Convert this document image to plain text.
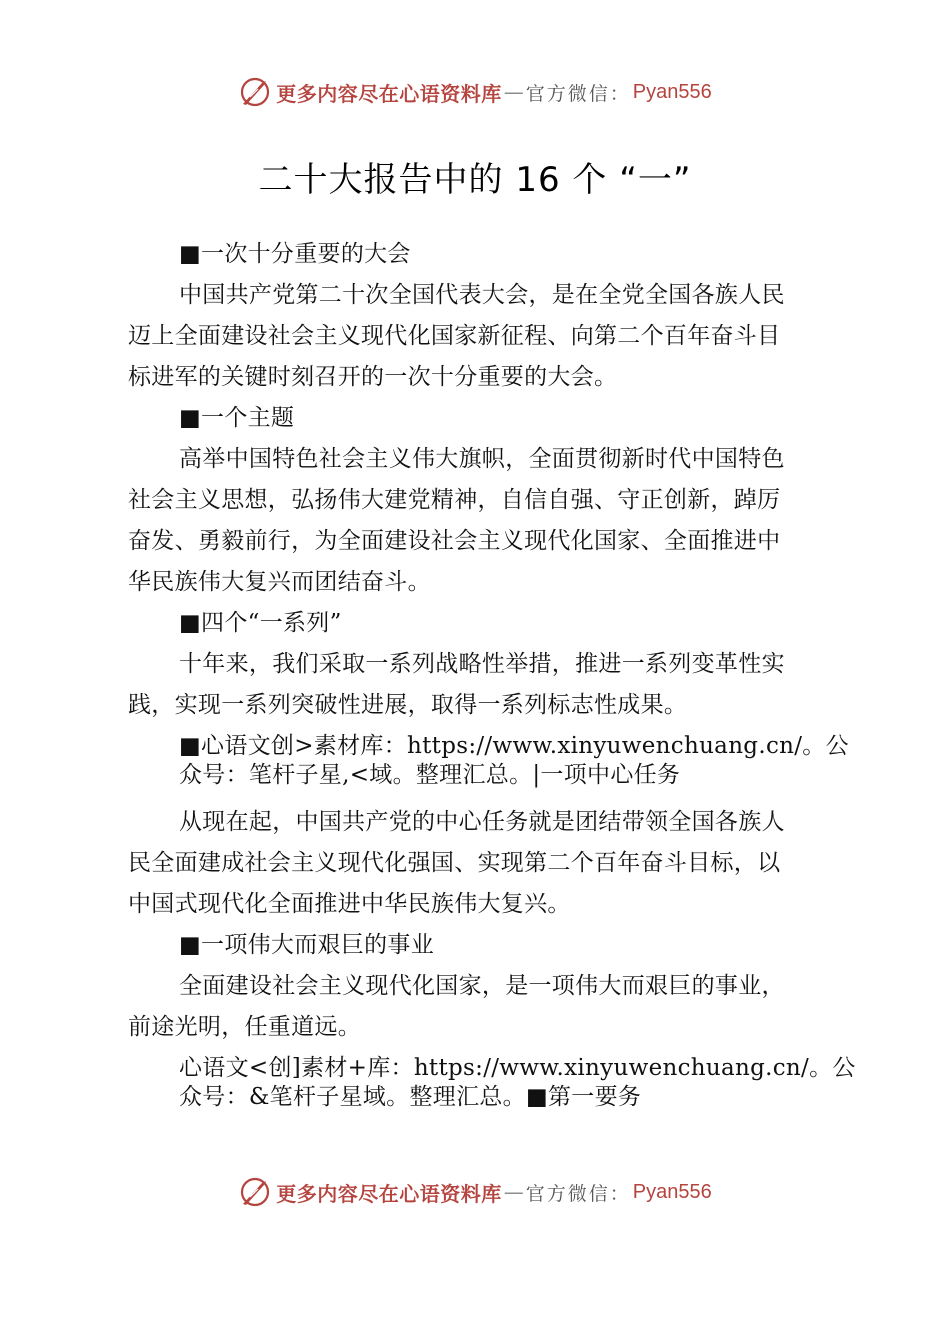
更多内容尽在心语资料库 — 官方微信： Pyan556
二十大报告中的 16 个 “一”
■一次十分重要的大会
中国共产党第二十次全国代表大会，是在全党全国各族人民
迈上全面建设社会主义现代化国家新征程、向第二个百年奋斗目
标进军的关键时刻召开的一次十分重要的大会。
■一个主题
高举中国特色社会主义伟大旗帜，全面贯彻新时代中国特色
社会主义思想，弘扬伟大建党精神，自信自强、守正创新，踔厉
奋发、勇毅前行，为全面建设社会主义现代化国家、全面推进中
华民族伟大复兴而团结奋斗。
■四个“一系列”
十年来，我们采取一系列战略性举措，推进一系列变革性实
践，实现一系列突破性进展，取得一系列标志性成果。
■心语文创>素材库：https://www.xinyuwenchuang.cn/。公
众号：笔杆子星,<域。整理汇总。|一项中心任务
从现在起，中国共产党的中心任务就是团结带领全国各族人
民全面建成社会主义现代化强国、实现第二个百年奋斗目标，以
中国式现代化全面推进中华民族伟大复兴。
■一项伟大而艰巨的事业
全面建设社会主义现代化国家，是一项伟大而艰巨的事业，
前途光明，任重道远。
心语文<创]素材+库：https://www.xinyuwenchuang.cn/。公
众号：&笔杆子星域。整理汇总。■第一要务
更多内容尽在心语资料库 — 官方微信： Pyan556
